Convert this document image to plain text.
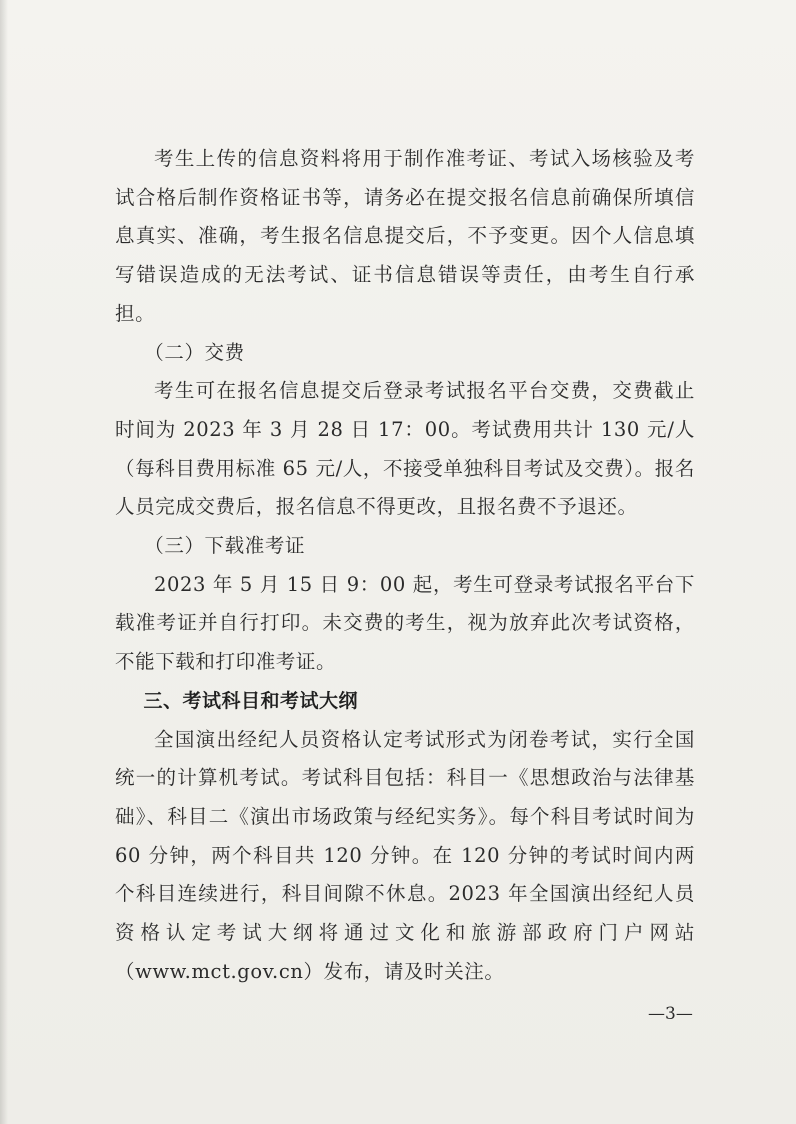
考生上传的信息资料将用于制作准考证、考试入场核验及考试合格后制作资格证书等，请务必在提交报名信息前确保所填信息真实、准确，考生报名信息提交后，不予变更。因个人信息填写错误造成的无法考试、证书信息错误等责任，由考生自行承担。

（二）交费

考生可在报名信息提交后登录考试报名平台交费，交费截止时间为 2023 年 3 月 28 日 17：00。考试费用共计 130 元/人（每科目费用标准 65 元/人，不接受单独科目考试及交费）。报名人员完成交费后，报名信息不得更改，且报名费不予退还。

（三）下载准考证

2023 年 5 月 15 日 9：00 起，考生可登录考试报名平台下载准考证并自行打印。未交费的考生，视为放弃此次考试资格，不能下载和打印准考证。

三、考试科目和考试大纲

全国演出经纪人员资格认定考试形式为闭卷考试，实行全国统一的计算机考试。考试科目包括：科目一《思想政治与法律基础》、科目二《演出市场政策与经纪实务》。每个科目考试时间为 60 分钟，两个科目共 120 分钟。在 120 分钟的考试时间内两个科目连续进行，科目间隙不休息。2023 年全国演出经纪人员资格认定考试大纲将通过文化和旅游部政府门户网站（www.mct.gov.cn）发布，请及时关注。

—3—
